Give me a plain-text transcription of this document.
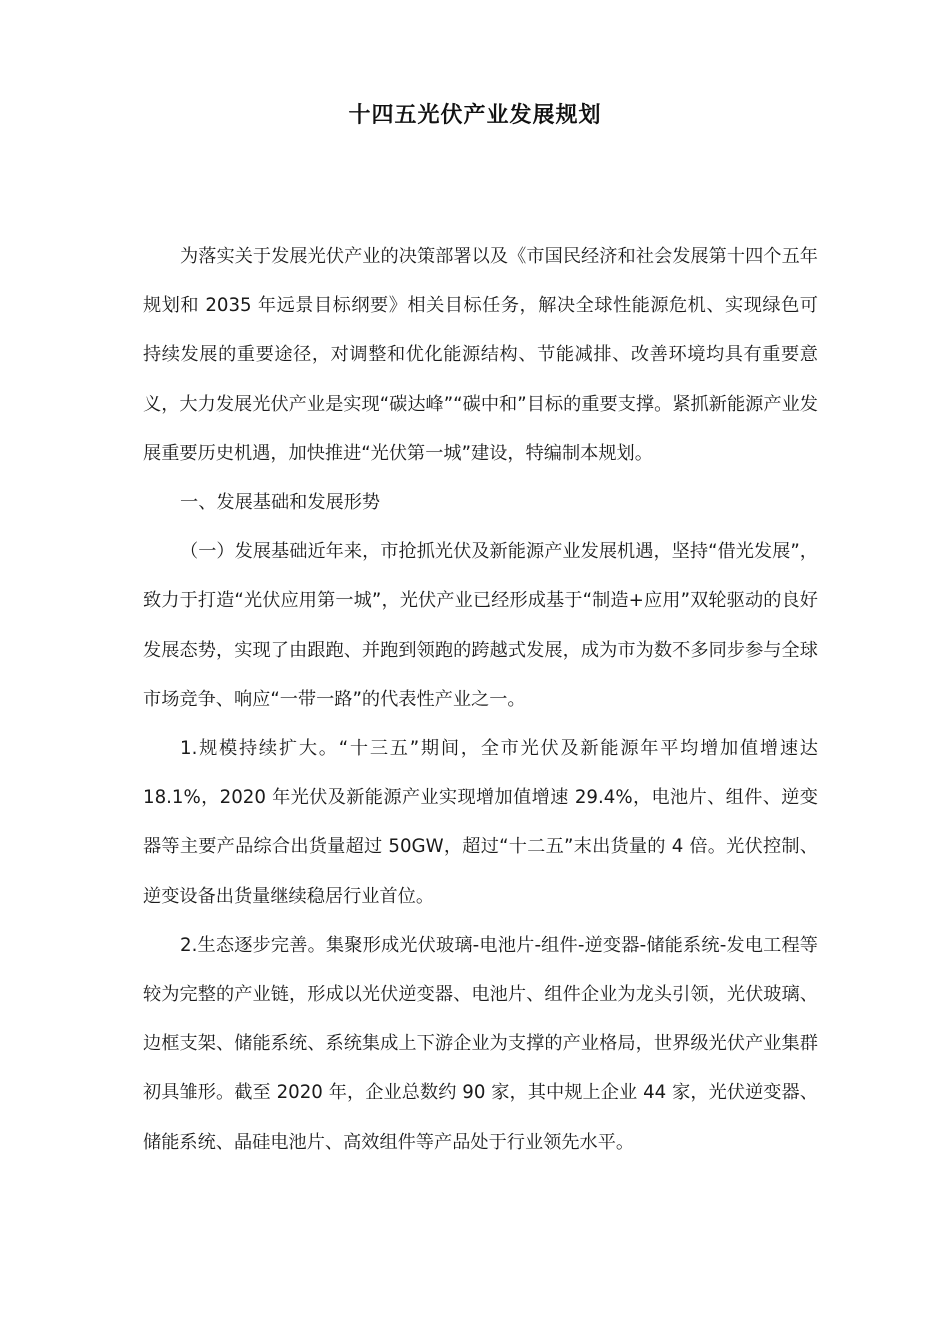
十四五光伏产业发展规划

为落实关于发展光伏产业的决策部署以及《市国民经济和社会发展第十四个五年规划和 2035 年远景目标纲要》相关目标任务，解决全球性能源危机、实现绿色可持续发展的重要途径，对调整和优化能源结构、节能减排、改善环境均具有重要意义，大力发展光伏产业是实现“碳达峰”“碳中和”目标的重要支撑。紧抓新能源产业发展重要历史机遇，加快推进“光伏第一城”建设，特编制本规划。

一、发展基础和发展形势

（一）发展基础近年来，市抢抓光伏及新能源产业发展机遇，坚持“借光发展”，致力于打造“光伏应用第一城”，光伏产业已经形成基于“制造+应用”双轮驱动的良好发展态势，实现了由跟跑、并跑到领跑的跨越式发展，成为市为数不多同步参与全球市场竞争、响应“一带一路”的代表性产业之一。

1.规模持续扩大。“十三五”期间，全市光伏及新能源年平均增加值增速达 18.1%，2020 年光伏及新能源产业实现增加值增速 29.4%，电池片、组件、逆变器等主要产品综合出货量超过 50GW，超过“十二五”末出货量的 4 倍。光伏控制、逆变设备出货量继续稳居行业首位。

2.生态逐步完善。集聚形成光伏玻璃-电池片-组件-逆变器-储能系统-发电工程等较为完整的产业链，形成以光伏逆变器、电池片、组件企业为龙头引领，光伏玻璃、边框支架、储能系统、系统集成上下游企业为支撑的产业格局，世界级光伏产业集群初具雏形。截至 2020 年，企业总数约 90 家，其中规上企业 44 家，光伏逆变器、储能系统、晶硅电池片、高效组件等产品处于行业领先水平。
